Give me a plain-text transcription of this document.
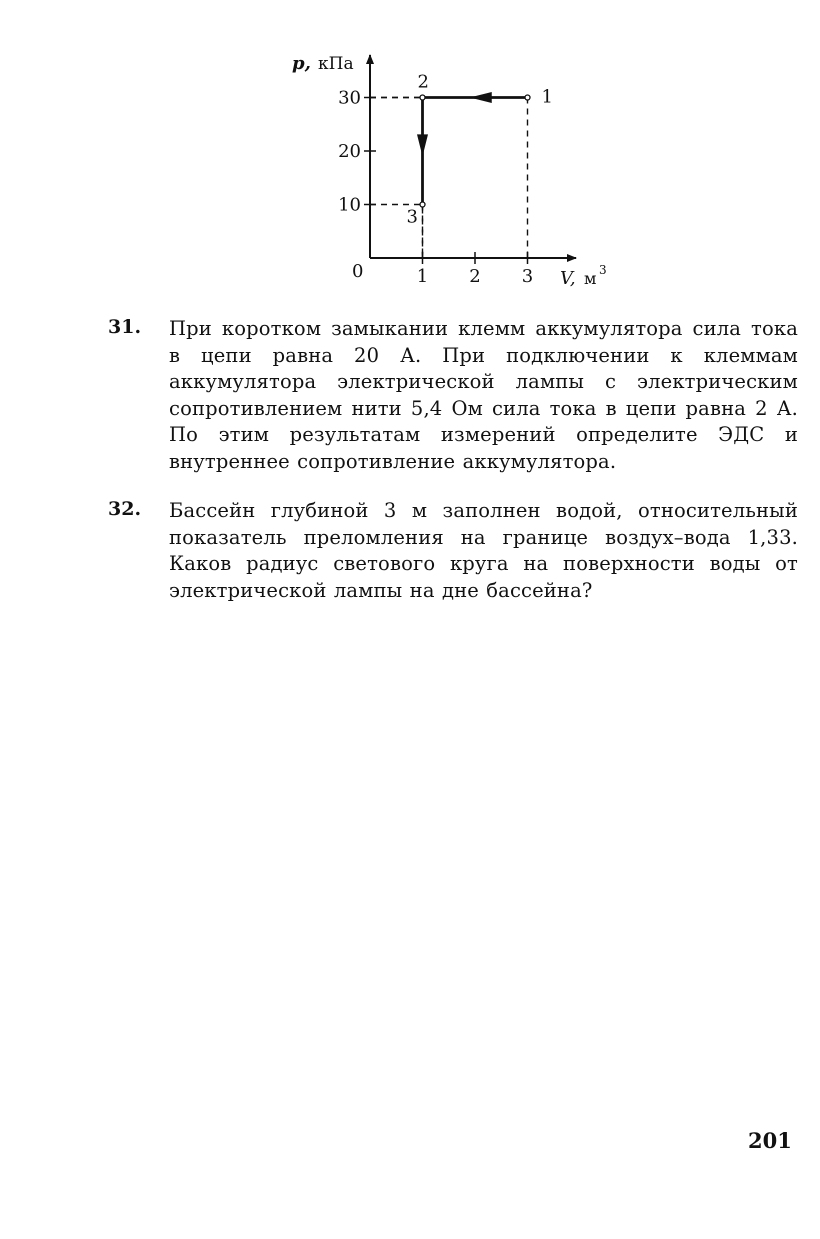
1 2 3
10
20
30	1
2
3
p, кПа
V, м 3
0
31. При коротком замыкании клемм аккумулятора сила тока в цепи равна 20 А. При подключении к клеммам аккумулятора электрической лампы с электрическим сопротивлением нити 5,4 Ом сила тока в цепи равна 2 А. По этим результатам измерений определите ЭДС и внутреннее сопротивление аккумулятора.

32. Бассейн глубиной 3 м заполнен водой, относительный показатель преломления на границе воздух–вода 1,33. Каков радиус светового круга на поверхности воды от электрической лампы на дне бассейна?

201
